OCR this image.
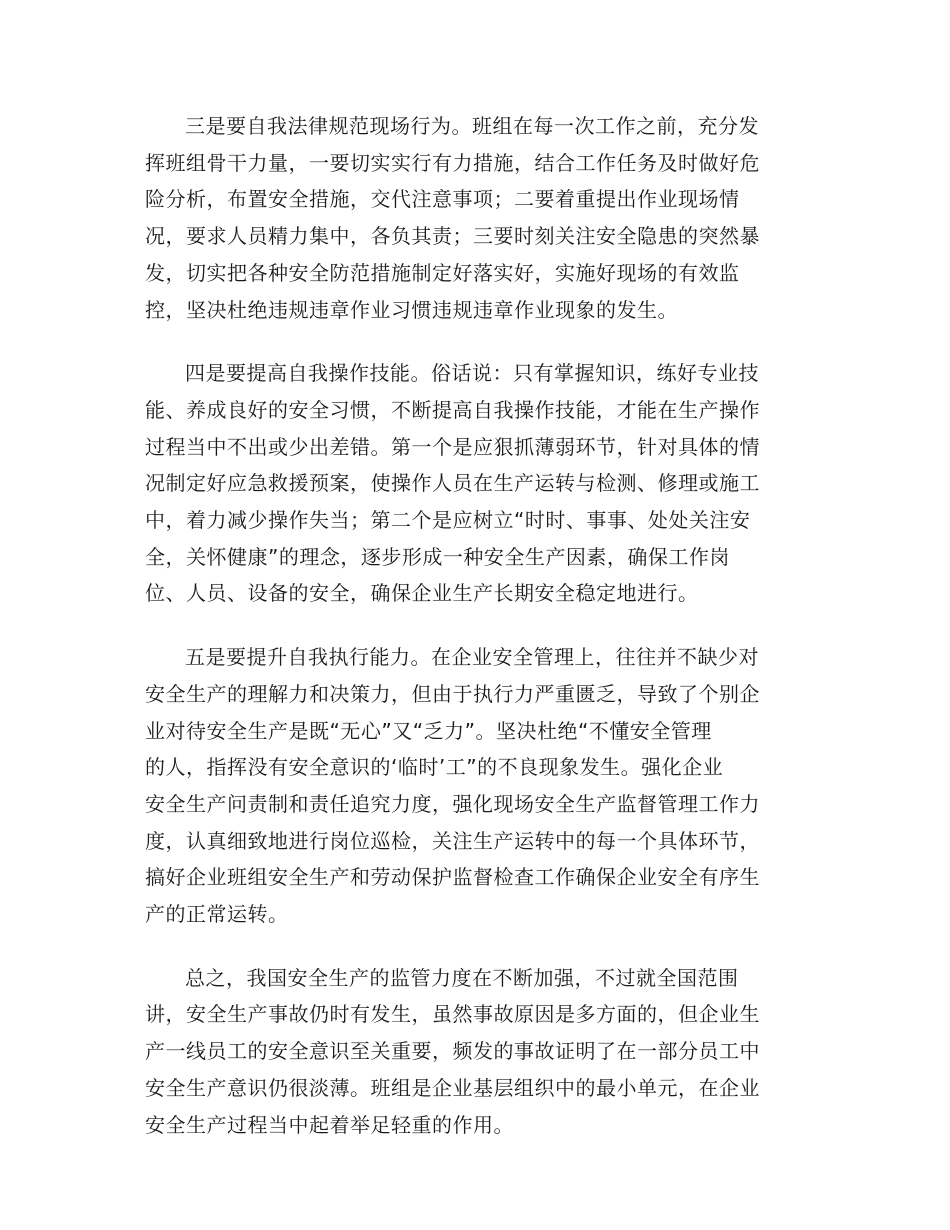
三是要自我法律规范现场行为。班组在每一次工作之前，充分发
挥班组骨干力量，一要切实实行有力措施，结合工作任务及时做好危
险分析，布置安全措施，交代注意事项；二要着重提出作业现场情
况，要求人员精力集中，各负其责；三要时刻关注安全隐患的突然暴
发，切实把各种安全防范措施制定好落实好，实施好现场的有效监
控，坚决杜绝违规违章作业习惯违规违章作业现象的发生。

四是要提高自我操作技能。俗话说：只有掌握知识，练好专业技
能、养成良好的安全习惯，不断提高自我操作技能，才能在生产操作
过程当中不出或少出差错。第一个是应狠抓薄弱环节，针对具体的情
况制定好应急救援预案，使操作人员在生产运转与检测、修理或施工
中，着力减少操作失当；第二个是应树立“时时、事事、处处关注安
全，关怀健康”的理念，逐步形成一种安全生产因素，确保工作岗
位、人员、设备的安全，确保企业生产长期安全稳定地进行。

五是要提升自我执行能力。在企业安全管理上，往往并不缺少对
安全生产的理解力和决策力，但由于执行力严重匮乏，导致了个别企
业对待安全生产是既“无心”又“乏力”。坚决杜绝“不懂安全管理
的人，指挥没有安全意识的‘临时’工”的不良现象发生。强化企业
安全生产问责制和责任追究力度，强化现场安全生产监督管理工作力
度，认真细致地进行岗位巡检，关注生产运转中的每一个具体环节，
搞好企业班组安全生产和劳动保护监督检查工作确保企业安全有序生
产的正常运转。

总之，我国安全生产的监管力度在不断加强，不过就全国范围
讲，安全生产事故仍时有发生，虽然事故原因是多方面的，但企业生
产一线员工的安全意识至关重要，频发的事故证明了在一部分员工中
安全生产意识仍很淡薄。班组是企业基层组织中的最小单元，在企业
安全生产过程当中起着举足轻重的作用。
